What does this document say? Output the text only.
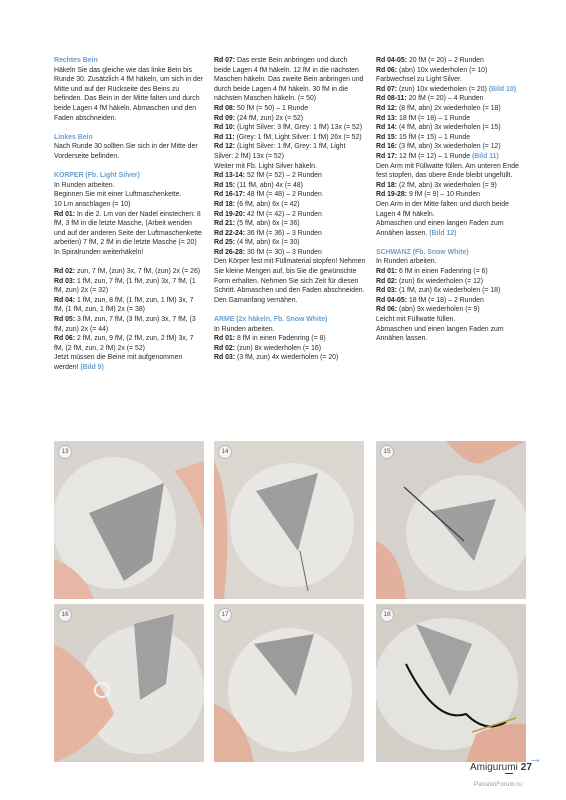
Rechtes Bein
Häkeln Sie das gleiche wie das linke Bein bis Runde 30. Zusätzlich 4 fM häkeln, um sich in der Mitte und auf der Rückseite des Beins zu befinden. Das Bein in der Mitte falten und durch beide Lagen 4 fM häkeln. Abmaschen und den Faden abschneiden.
Linkes Bein
Nach Runde 30 sollten Sie sich in der Mitte der Vorderseite befinden.
KÖRPER (Fb. Light Silver)
In Runden arbeiten.
Beginnen Sie mit einer Luftmaschenkette.
10 Lm anschlagen (= 10)
Rd 01: In die 2. Lm von der Nadel einstechen: 8 fM, 3 fM in die letzte Masche, (Arbeit wenden und auf der anderen Seite der Luftmaschenkette arbeiten) 7 fM, 2 fM in die letzte Masche (= 20)
In Spiralrunden weiterhäkeln!
Rd 02: zun, 7 fM, (zun) 3x, 7 fM, (zun) 2x (= 26)
Rd 03: 1 fM, zun, 7 fM, (1 fM, zun) 3x, 7 fM, (1 fM, zun) 2x (= 32)
Rd 04: 1 fM, zun, 8 fM, (1 fM, zun, 1 fM) 3x, 7 fM, (1 fM, zun, 1 fM) 2x (= 38)
Rd 05: 3 fM, zun, 7 fM, (3 fM, zun) 3x, 7 fM, (3 fM, zun) 2x (= 44)
Rd 06: 2 fM, zun, 9 fM, (2 fM, zun, 2 fM) 3x, 7 fM, (2 fM, zun, 2 fM) 2x (= 52)
Jetzt müssen die Beine mit aufgenommen werden! (Bild 9)
Rd 07: Das erste Bein anbringen und durch beide Lagen 4 fM häkeln. 12 fM in die nächsten Maschen häkeln. Das zweite Bein anbringen und durch beide Lagen 4 fM häkeln. 30 fM in die nächsten Maschen häkeln. (= 50)
Rd 08: 50 fM (= 50) – 1 Runde
Rd 09: (24 fM, zun) 2x (= 52)
Rd 10: (Light Silver: 3 fM, Grey: 1 fM) 13x (= 52)
Rd 11: (Grey: 1 fM, Light Silver: 1 fM) 26x (= 52)
Rd 12: (Light Silver: 1 fM, Grey: 1 fM, Light Silver: 2 fM) 13x (= 52)
Weiter mit Fb. Light Silver häkeln.
Rd 13-14: 52 fM (= 52) – 2 Runden
Rd 15: (11 fM, abn) 4x (= 48)
Rd 16-17: 48 fM (= 48) – 2 Runden
Rd 18: (6 fM, abn) 6x (= 42)
Rd 19-20: 42 fM (= 42) – 2 Runden
Rd 21: (5 fM, abn) 6x (= 36)
Rd 22-24: 36 fM (= 36) – 3 Runden
Rd 25: (4 fM, abn) 6x (= 30)
Rd 26-28: 30 fM (= 30) – 3 Runden
Den Körper fest mit Füllmaterial stopfen! Nehmen Sie kleine Mengen auf, bis Sie die gewünschte Form erhalten. Nehmen Sie sich Zeit für diesen Schritt. Abmaschen und den Faden abschneiden. Den Garnanfang vernähen.
ARME (2x häkeln, Fb. Snow White)
In Runden arbeiten.
Rd 01: 8 fM in einen Fadenring (= 8)
Rd 02: (zun) 8x wiederholen (= 16)
Rd 03: (3 fM, zun) 4x wiederholen (= 20)
Rd 04-05: 20 fM (= 20) – 2 Runden
Rd 06: (abn) 10x wiederholen (= 10)
Farbwechsel zu Light Silver.
Rd 07: (zun) 10x wiederholen (= 20) (Bild 10)
Rd 08-11: 20 fM (= 20) – 4 Runden
Rd 12: (8 fM, abn) 2x wiederholen (= 18)
Rd 13: 18 fM (= 18) – 1 Runde
Rd 14: (4 fM, abn) 3x wiederholen (= 15)
Rd 15: 15 fM (= 15) – 1 Runde
Rd 16: (3 fM, abn) 3x wiederholen (= 12)
Rd 17: 12 fM (= 12) – 1 Runde (Bild 11)
Den Arm mit Füllwatte füllen. Am unteren Ende fest stopfen, das obere Ende bleibt ungefüllt.
Rd 18: (2 fM, abn) 3x wiederholen (= 9)
Rd 19-28: 9 fM (= 9) – 10 Runden
Den Arm in der Mitte falten und durch beide Lagen 4 fM häkeln.
Abmaschen und einen langen Faden zum Annähen lassen. (Bild 12)
SCHWANZ (Fb. Snow White)
In Runden arbeiten.
Rd 01: 6 fM in einen Fadenring (= 6)
Rd 02: (zun) 6x wiederholen (= 12)
Rd 03: (1 fM, zun) 6x wiederholen (= 18)
Rd 04-05: 18 fM (= 18) – 2 Runden
Rd 06: (abn) 9x wiederholen (= 9)
Leicht mit Füllwatte füllen.
Abmaschen und einen langen Faden zum Annähen lassen.
13	14	15
16	17	18
→
Amigurumi 27
PassionForum.ru
